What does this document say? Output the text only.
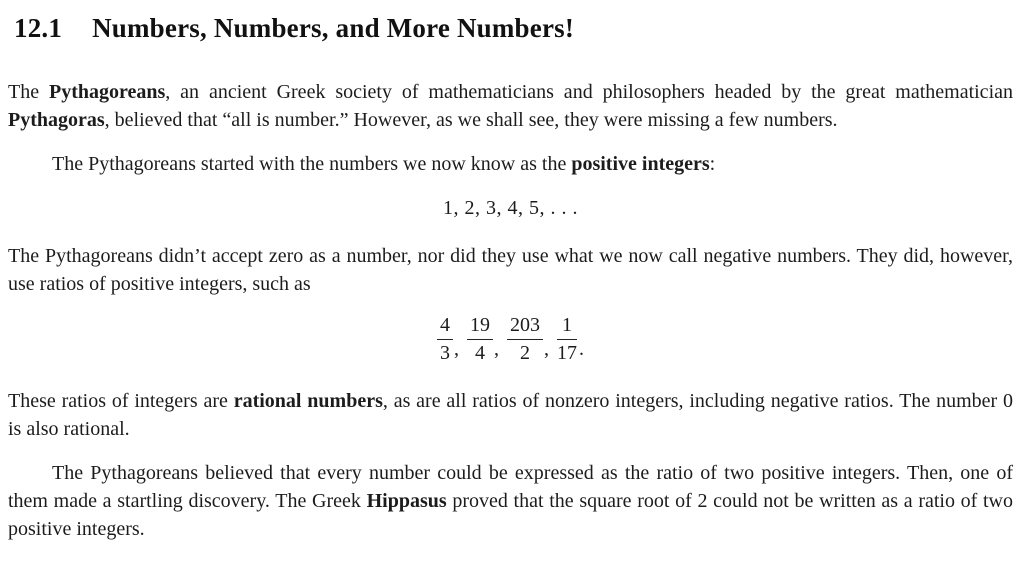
12.1 Numbers, Numbers, and More Numbers!

The Pythagoreans, an ancient Greek society of mathematicians and philosophers headed by the great mathematician Pythagoras, believed that “all is number.” However, as we shall see, they were missing a few numbers.

The Pythagoreans started with the numbers we now know as the positive integers:

1, 2, 3, 4, 5, . . .

The Pythagoreans didn’t accept zero as a number, nor did they use what we now call negative numbers. They did, however, use ratios of positive integers, such as

$\frac{4}{3}$ , $\frac{19}{4}$ , $\frac{203}{2}$ , $\frac{1}{17}$ .

These ratios of integers are rational numbers, as are all ratios of nonzero integers, including negative ratios. The number 0 is also rational.

The Pythagoreans believed that every number could be expressed as the ratio of two positive integers. Then, one of them made a startling discovery. The Greek Hippasus proved that the square root of 2 could not be written as a ratio of two positive integers.
